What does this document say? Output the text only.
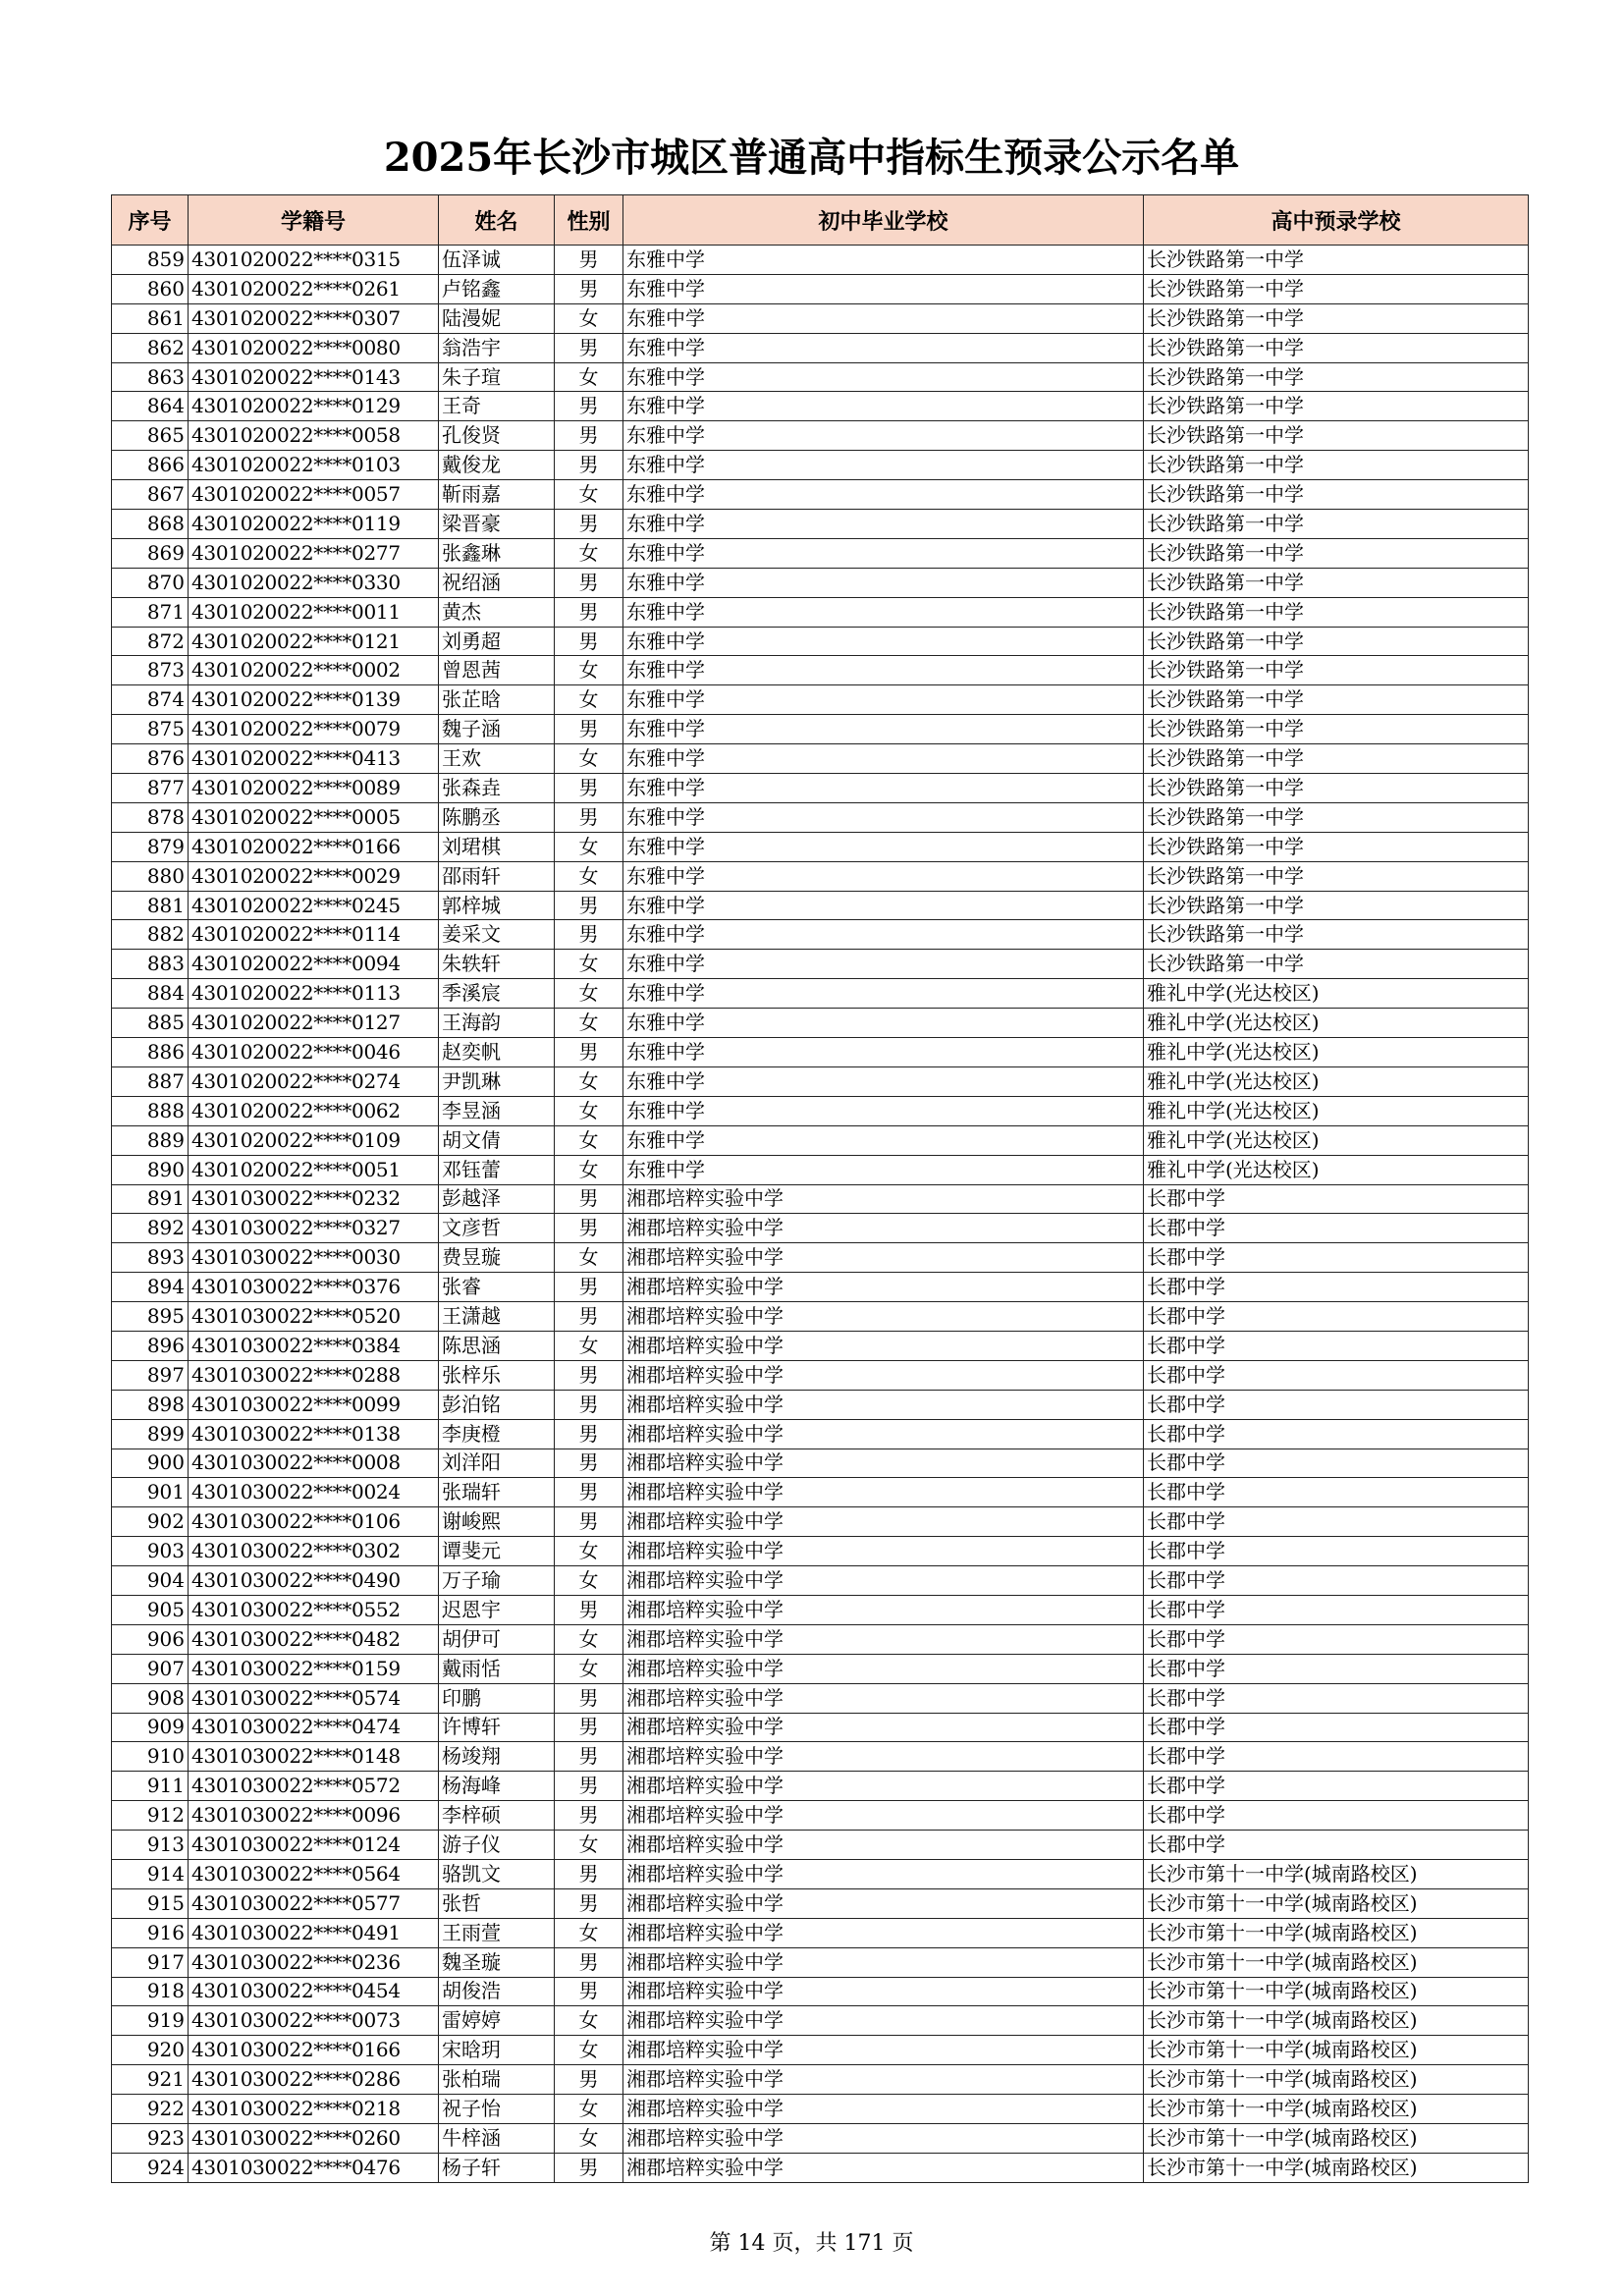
2025年长沙市城区普通高中指标生预录公示名单
序号	学籍号	姓名	性别	初中毕业学校	高中预录学校
859	4301020022****0315	伍泽诚	男	东雅中学	长沙铁路第一中学
860	4301020022****0261	卢铭鑫	男	东雅中学	长沙铁路第一中学
861	4301020022****0307	陆漫妮	女	东雅中学	长沙铁路第一中学
862	4301020022****0080	翁浩宇	男	东雅中学	长沙铁路第一中学
863	4301020022****0143	朱子瑄	女	东雅中学	长沙铁路第一中学
864	4301020022****0129	王奇	男	东雅中学	长沙铁路第一中学
865	4301020022****0058	孔俊贤	男	东雅中学	长沙铁路第一中学
866	4301020022****0103	戴俊龙	男	东雅中学	长沙铁路第一中学
867	4301020022****0057	靳雨嘉	女	东雅中学	长沙铁路第一中学
868	4301020022****0119	梁晋豪	男	东雅中学	长沙铁路第一中学
869	4301020022****0277	张鑫琳	女	东雅中学	长沙铁路第一中学
870	4301020022****0330	祝绍涵	男	东雅中学	长沙铁路第一中学
871	4301020022****0011	黄杰	男	东雅中学	长沙铁路第一中学
872	4301020022****0121	刘勇超	男	东雅中学	长沙铁路第一中学
873	4301020022****0002	曾恩茜	女	东雅中学	长沙铁路第一中学
874	4301020022****0139	张芷晗	女	东雅中学	长沙铁路第一中学
875	4301020022****0079	魏子涵	男	东雅中学	长沙铁路第一中学
876	4301020022****0413	王欢	女	东雅中学	长沙铁路第一中学
877	4301020022****0089	张森垚	男	东雅中学	长沙铁路第一中学
878	4301020022****0005	陈鹏丞	男	东雅中学	长沙铁路第一中学
879	4301020022****0166	刘珺棋	女	东雅中学	长沙铁路第一中学
880	4301020022****0029	邵雨轩	女	东雅中学	长沙铁路第一中学
881	4301020022****0245	郭梓城	男	东雅中学	长沙铁路第一中学
882	4301020022****0114	姜采文	男	东雅中学	长沙铁路第一中学
883	4301020022****0094	朱轶轩	女	东雅中学	长沙铁路第一中学
884	4301020022****0113	季溪宸	女	东雅中学	雅礼中学(光达校区)
885	4301020022****0127	王海韵	女	东雅中学	雅礼中学(光达校区)
886	4301020022****0046	赵奕帆	男	东雅中学	雅礼中学(光达校区)
887	4301020022****0274	尹凯琳	女	东雅中学	雅礼中学(光达校区)
888	4301020022****0062	李昱涵	女	东雅中学	雅礼中学(光达校区)
889	4301020022****0109	胡文倩	女	东雅中学	雅礼中学(光达校区)
890	4301020022****0051	邓钰蕾	女	东雅中学	雅礼中学(光达校区)
891	4301030022****0232	彭越泽	男	湘郡培粹实验中学	长郡中学
892	4301030022****0327	文彦哲	男	湘郡培粹实验中学	长郡中学
893	4301030022****0030	费昱璇	女	湘郡培粹实验中学	长郡中学
894	4301030022****0376	张睿	男	湘郡培粹实验中学	长郡中学
895	4301030022****0520	王潇越	男	湘郡培粹实验中学	长郡中学
896	4301030022****0384	陈思涵	女	湘郡培粹实验中学	长郡中学
897	4301030022****0288	张梓乐	男	湘郡培粹实验中学	长郡中学
898	4301030022****0099	彭泊铭	男	湘郡培粹实验中学	长郡中学
899	4301030022****0138	李庚橙	男	湘郡培粹实验中学	长郡中学
900	4301030022****0008	刘洋阳	男	湘郡培粹实验中学	长郡中学
901	4301030022****0024	张瑞轩	男	湘郡培粹实验中学	长郡中学
902	4301030022****0106	谢峻熙	男	湘郡培粹实验中学	长郡中学
903	4301030022****0302	谭斐元	女	湘郡培粹实验中学	长郡中学
904	4301030022****0490	万子瑜	女	湘郡培粹实验中学	长郡中学
905	4301030022****0552	迟恩宇	男	湘郡培粹实验中学	长郡中学
906	4301030022****0482	胡伊可	女	湘郡培粹实验中学	长郡中学
907	4301030022****0159	戴雨恬	女	湘郡培粹实验中学	长郡中学
908	4301030022****0574	印鹏	男	湘郡培粹实验中学	长郡中学
909	4301030022****0474	许博轩	男	湘郡培粹实验中学	长郡中学
910	4301030022****0148	杨竣翔	男	湘郡培粹实验中学	长郡中学
911	4301030022****0572	杨海峰	男	湘郡培粹实验中学	长郡中学
912	4301030022****0096	李梓硕	男	湘郡培粹实验中学	长郡中学
913	4301030022****0124	游子仪	女	湘郡培粹实验中学	长郡中学
914	4301030022****0564	骆凯文	男	湘郡培粹实验中学	长沙市第十一中学(城南路校区)
915	4301030022****0577	张哲	男	湘郡培粹实验中学	长沙市第十一中学(城南路校区)
916	4301030022****0491	王雨萱	女	湘郡培粹实验中学	长沙市第十一中学(城南路校区)
917	4301030022****0236	魏圣璇	男	湘郡培粹实验中学	长沙市第十一中学(城南路校区)
918	4301030022****0454	胡俊浩	男	湘郡培粹实验中学	长沙市第十一中学(城南路校区)
919	4301030022****0073	雷婷婷	女	湘郡培粹实验中学	长沙市第十一中学(城南路校区)
920	4301030022****0166	宋晗玥	女	湘郡培粹实验中学	长沙市第十一中学(城南路校区)
921	4301030022****0286	张柏瑞	男	湘郡培粹实验中学	长沙市第十一中学(城南路校区)
922	4301030022****0218	祝子怡	女	湘郡培粹实验中学	长沙市第十一中学(城南路校区)
923	4301030022****0260	牛梓涵	女	湘郡培粹实验中学	长沙市第十一中学(城南路校区)
924	4301030022****0476	杨子轩	男	湘郡培粹实验中学	长沙市第十一中学(城南路校区)
第 14 页，共 171 页
